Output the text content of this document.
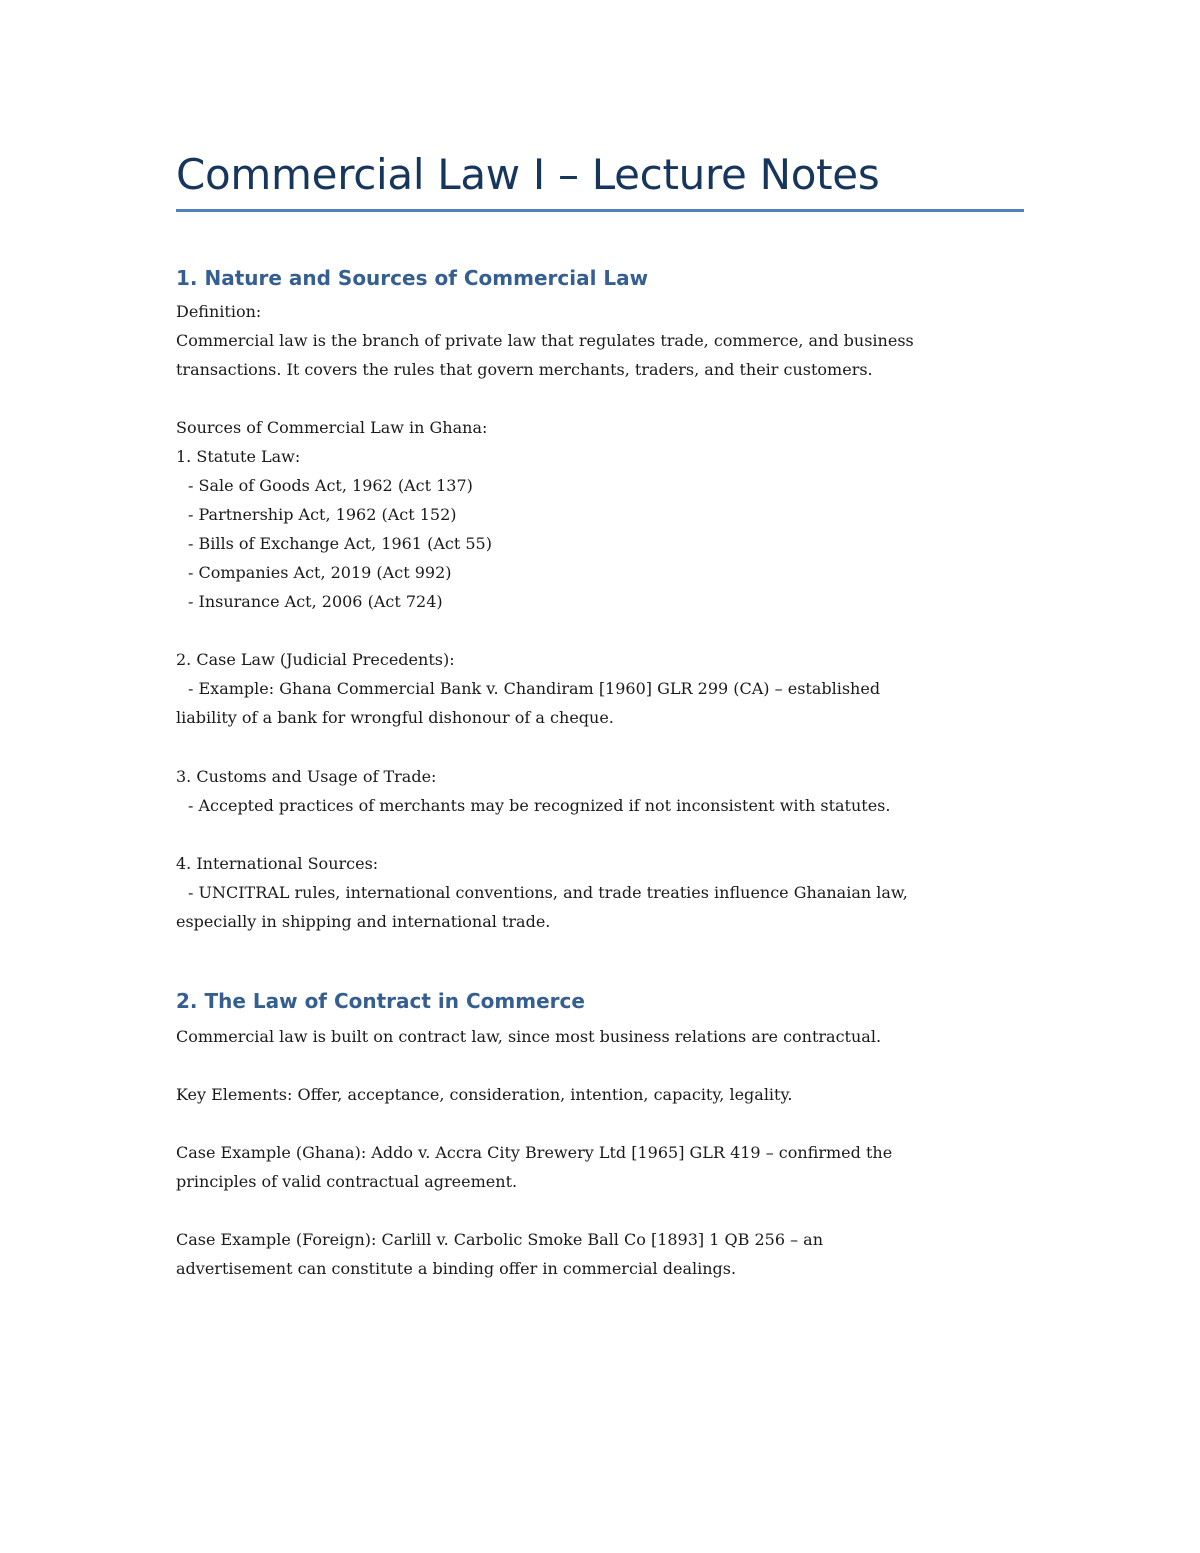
Commercial Law I – Lecture Notes
1. Nature and Sources of Commercial Law
Definition:
Commercial law is the branch of private law that regulates trade, commerce, and business
transactions. It covers the rules that govern merchants, traders, and their customers.
Sources of Commercial Law in Ghana:
1. Statute Law:
- Sale of Goods Act, 1962 (Act 137)
- Partnership Act, 1962 (Act 152)
- Bills of Exchange Act, 1961 (Act 55)
- Companies Act, 2019 (Act 992)
- Insurance Act, 2006 (Act 724)
2. Case Law (Judicial Precedents):
- Example: Ghana Commercial Bank v. Chandiram [1960] GLR 299 (CA) – established
liability of a bank for wrongful dishonour of a cheque.
3. Customs and Usage of Trade:
- Accepted practices of merchants may be recognized if not inconsistent with statutes.
4. International Sources:
- UNCITRAL rules, international conventions, and trade treaties influence Ghanaian law,
especially in shipping and international trade.
2. The Law of Contract in Commerce
Commercial law is built on contract law, since most business relations are contractual.
Key Elements: Offer, acceptance, consideration, intention, capacity, legality.
Case Example (Ghana): Addo v. Accra City Brewery Ltd [1965] GLR 419 – confirmed the
principles of valid contractual agreement.
Case Example (Foreign): Carlill v. Carbolic Smoke Ball Co [1893] 1 QB 256 – an
advertisement can constitute a binding offer in commercial dealings.
